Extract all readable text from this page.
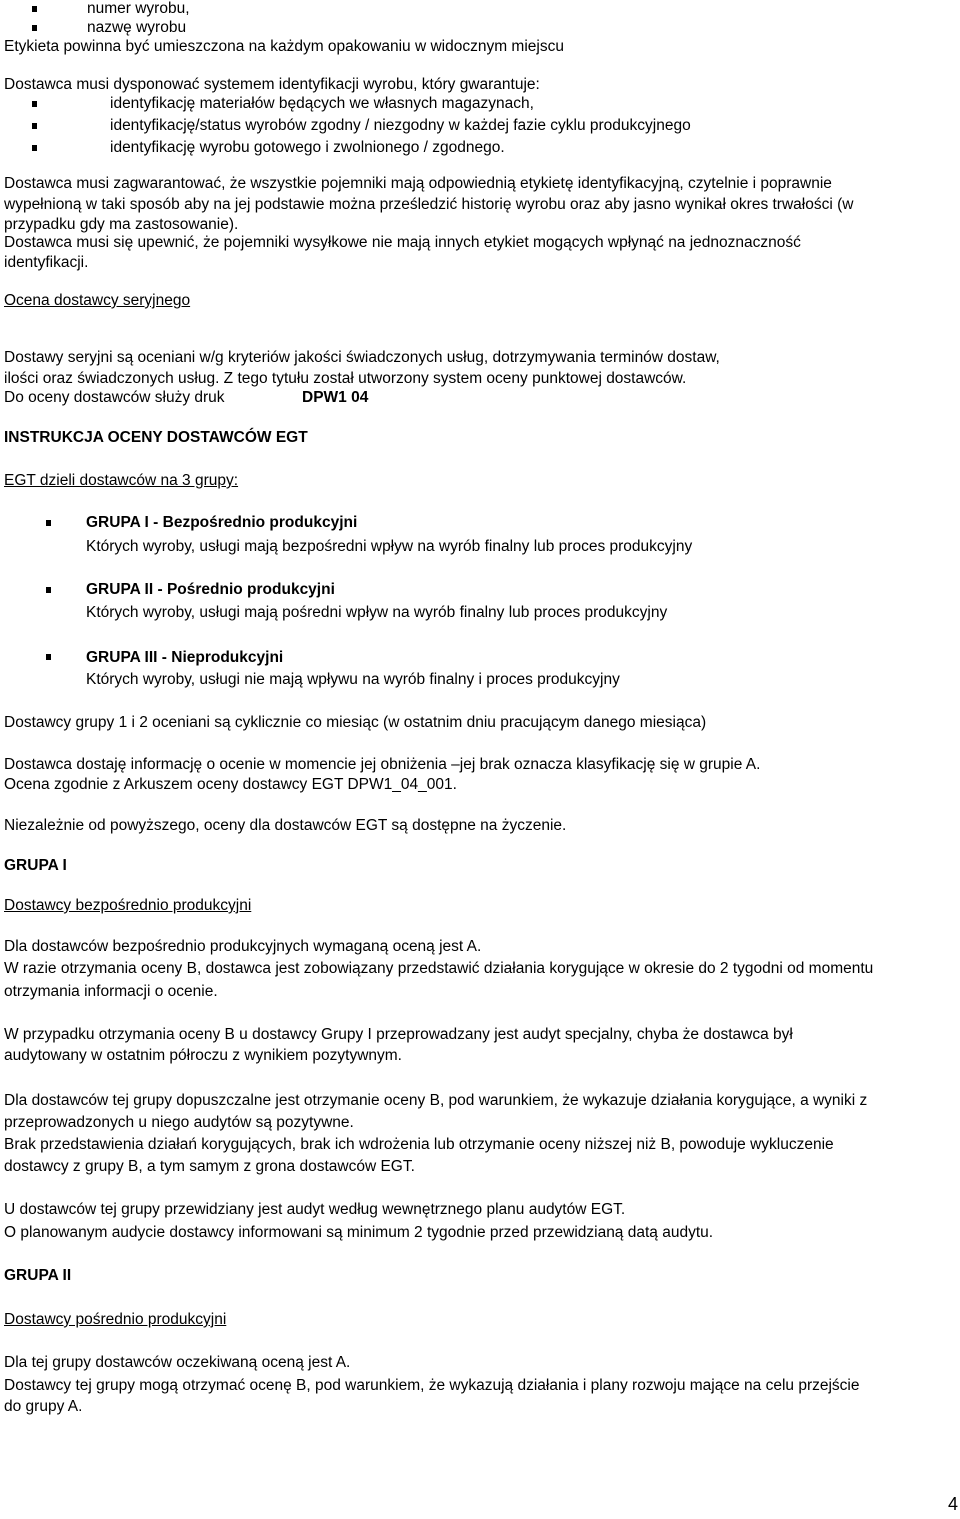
numer wyrobu,
nazwę wyrobu
Etykieta powinna być umieszczona na każdym opakowaniu w widocznym miejscu
Dostawca musi dysponować systemem identyfikacji wyrobu, który gwarantuje:
identyfikację materiałów będących we własnych magazynach,
identyfikację/status wyrobów zgodny / niezgodny w każdej fazie cyklu produkcyjnego
identyfikację wyrobu gotowego i zwolnionego / zgodnego.
Dostawca musi zagwarantować, że wszystkie pojemniki mają odpowiednią etykietę identyfikacyjną, czytelnie i poprawnie
wypełnioną w taki sposób aby na jej podstawie można prześledzić historię wyrobu oraz aby jasno wynikał okres trwałości (w
przypadku gdy ma zastosowanie).
Dostawca musi się upewnić, że pojemniki wysyłkowe nie mają innych etykiet mogących wpłynąć na jednoznaczność
identyfikacji.
Ocena dostawcy seryjnego
Dostawy seryjni są oceniani w/g kryteriów jakości świadczonych usług, dotrzymywania terminów dostaw,
ilości oraz świadczonych usług. Z tego tytułu został utworzony system oceny punktowej dostawców.
Do oceny dostawców służy druk	DPW1 04
INSTRUKCJA OCENY DOSTAWCÓW EGT
EGT dzieli dostawców na 3 grupy:
GRUPA I - Bezpośrednio produkcyjni
Których wyroby, usługi mają bezpośredni wpływ na wyrób finalny lub proces produkcyjny
GRUPA II - Pośrednio produkcyjni
Których wyroby, usługi mają pośredni wpływ na wyrób finalny lub proces produkcyjny
GRUPA III - Nieprodukcyjni
Których wyroby, usługi nie mają wpływu na wyrób finalny i proces produkcyjny
Dostawcy grupy 1 i 2 oceniani są cyklicznie co miesiąc (w ostatnim dniu pracującym danego miesiąca)
Dostawca dostaję informację o ocenie w momencie jej obniżenia –jej brak oznacza klasyfikację się w grupie A.
Ocena zgodnie z Arkuszem oceny dostawcy EGT DPW1_04_001.
Niezależnie od powyższego, oceny dla dostawców EGT są dostępne na życzenie.
GRUPA I
Dostawcy bezpośrednio produkcyjni
Dla dostawców bezpośrednio produkcyjnych wymaganą oceną jest A.
W razie otrzymania oceny B, dostawca jest zobowiązany przedstawić działania korygujące w okresie do 2 tygodni od momentu
otrzymania informacji o ocenie.
W przypadku otrzymania oceny B u dostawcy Grupy I przeprowadzany jest audyt specjalny, chyba że dostawca był
audytowany w ostatnim półroczu z wynikiem pozytywnym.
Dla dostawców tej grupy dopuszczalne jest otrzymanie oceny B, pod warunkiem, że wykazuje działania korygujące, a wyniki z
przeprowadzonych u niego audytów są pozytywne.
Brak przedstawienia działań korygujących, brak ich wdrożenia lub otrzymanie oceny niższej niż B, powoduje wykluczenie
dostawcy z grupy B, a tym samym z grona dostawców EGT.
U dostawców tej grupy przewidziany jest audyt według wewnętrznego planu audytów EGT.
O planowanym audycie dostawcy informowani są minimum 2 tygodnie przed przewidzianą datą audytu.
GRUPA II
Dostawcy pośrednio produkcyjni
Dla tej grupy dostawców oczekiwaną oceną jest A.
Dostawcy tej grupy mogą otrzymać ocenę B, pod warunkiem, że wykazują działania i plany rozwoju mające na celu przejście
do grupy A.
4
